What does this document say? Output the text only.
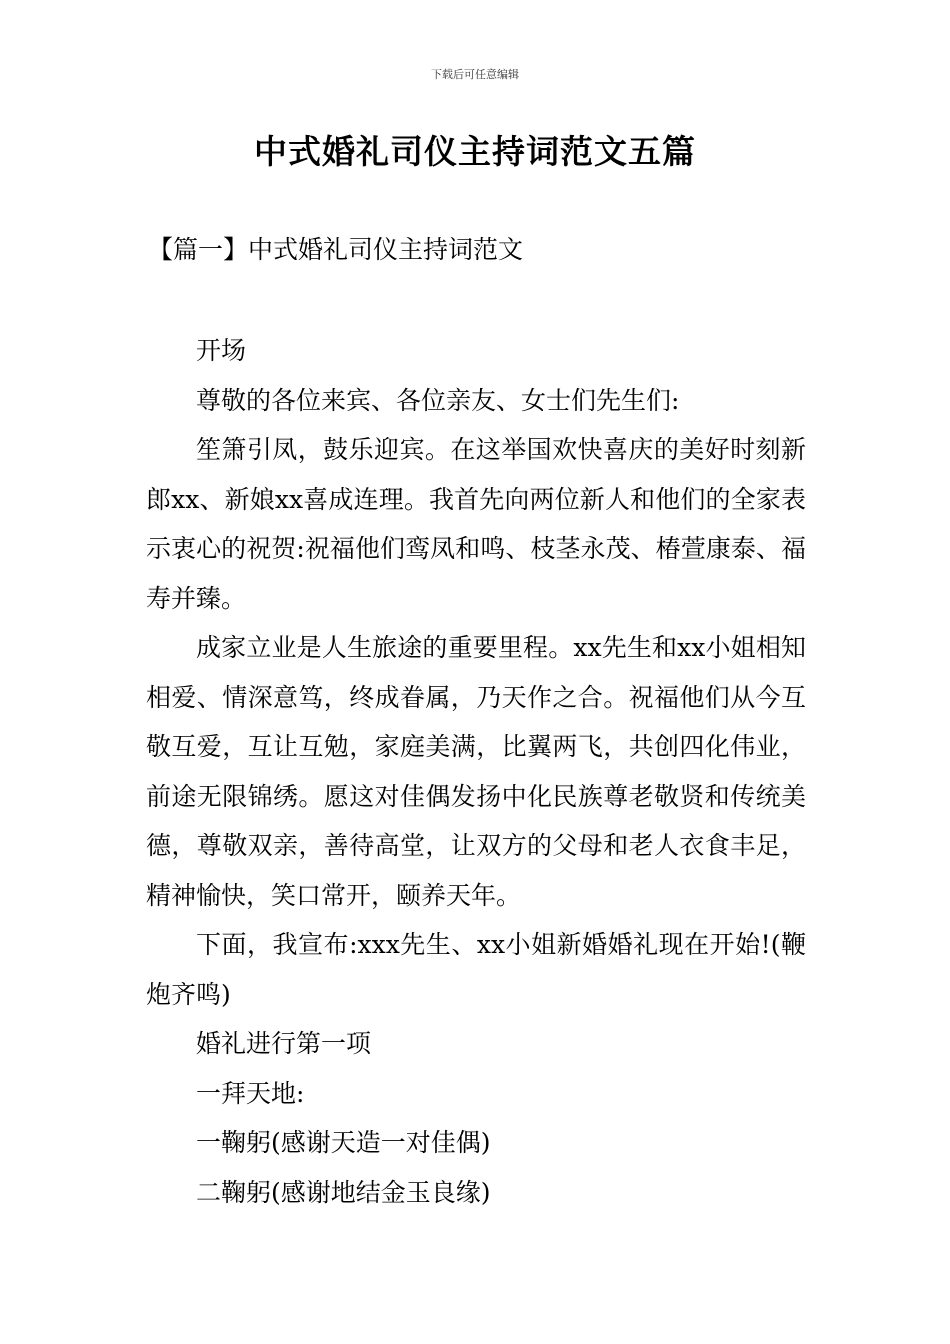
下载后可任意编辑
中式婚礼司仪主持词范文五篇
【篇一】中式婚礼司仪主持词范文

开场

尊敬的各位来宾、各位亲友、女士们先生们:

笙箫引凤，鼓乐迎宾。在这举国欢快喜庆的美好时刻新郎xx、新娘xx喜成连理。我首先向两位新人和他们的全家表示衷心的祝贺:祝福他们鸾凤和鸣、枝茎永茂、椿萱康泰、福寿并臻。

成家立业是人生旅途的重要里程。xx先生和xx小姐相知相爱、情深意笃，终成眷属，乃天作之合。祝福他们从今互敬互爱，互让互勉，家庭美满，比翼两飞，共创四化伟业，前途无限锦绣。愿这对佳偶发扬中化民族尊老敬贤和传统美德，尊敬双亲，善待高堂，让双方的父母和老人衣食丰足，精神愉快，笑口常开，颐养天年。

下面，我宣布:xxx先生、xx小姐新婚婚礼现在开始!(鞭炮齐鸣)

婚礼进行第一项

一拜天地:

一鞠躬(感谢天造一对佳偶)

二鞠躬(感谢地结金玉良缘)
